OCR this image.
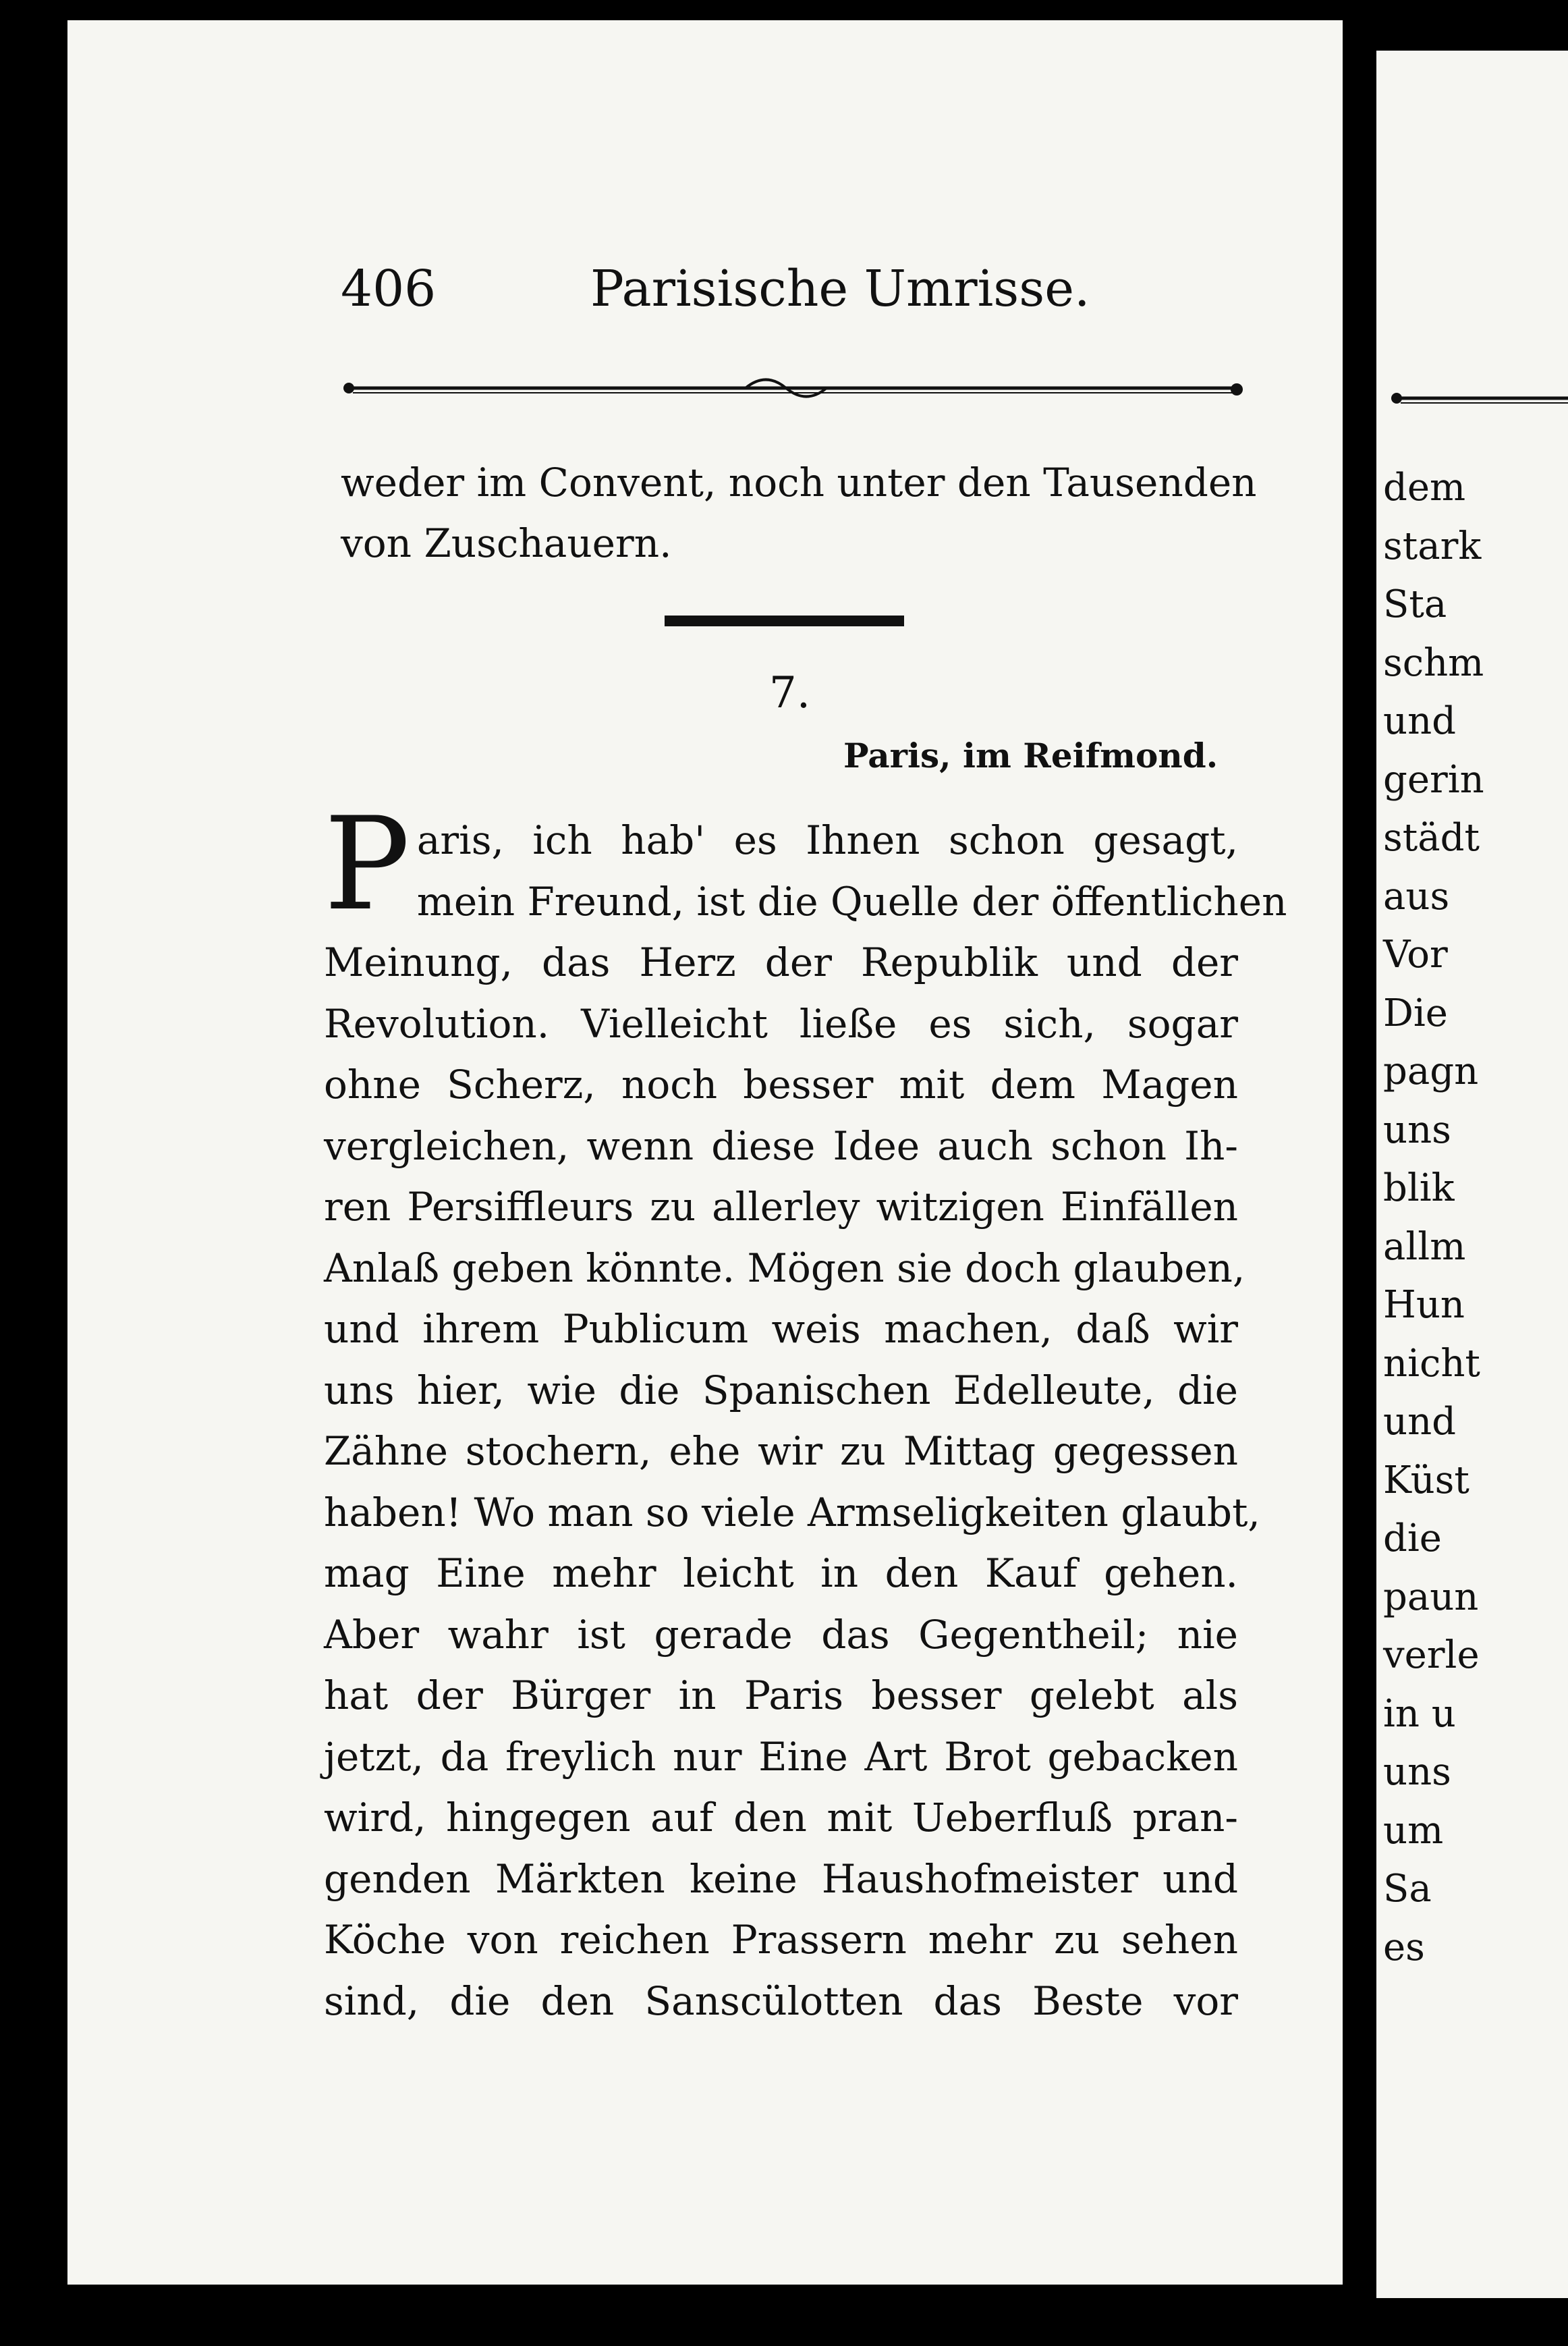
406	Parisische Umrisse.
weder im Convent, noch unter den Tausenden
von Zuschauern.
7.
Paris, im Reifmond.
P aris, ich hab' es Ihnen schon gesagt,
mein Freund, ist die Quelle der öffentlichen
Meinung, das Herz der Republik und der
Revolution. Vielleicht ließe es sich, sogar
ohne Scherz, noch besser mit dem Magen
vergleichen, wenn diese Idee auch schon Ih-
ren Persiffleurs zu allerley witzigen Einfällen
Anlaß geben könnte. Mögen sie doch glauben,
und ihrem Publicum weis machen, daß wir
uns hier, wie die Spanischen Edelleute, die
Zähne stochern, ehe wir zu Mittag gegessen
haben! Wo man so viele Armseligkeiten glaubt,
mag Eine mehr leicht in den Kauf gehen.
Aber wahr ist gerade das Gegentheil; nie
hat der Bürger in Paris besser gelebt als
jetzt, da freylich nur Eine Art Brot gebacken
wird, hingegen auf den mit Ueberfluß pran-
genden Märkten keine Haushofmeister und
Köche von reichen Prassern mehr zu sehen
sind, die den Sanscülotten das Beste vor
dem
stark
Sta
schm
und
gerin
städt
aus
Vor
Die
pagn
uns
blik
allm
Hun
nicht
und
Küst
die
paun
verle
in u
uns
um
Sa
es
